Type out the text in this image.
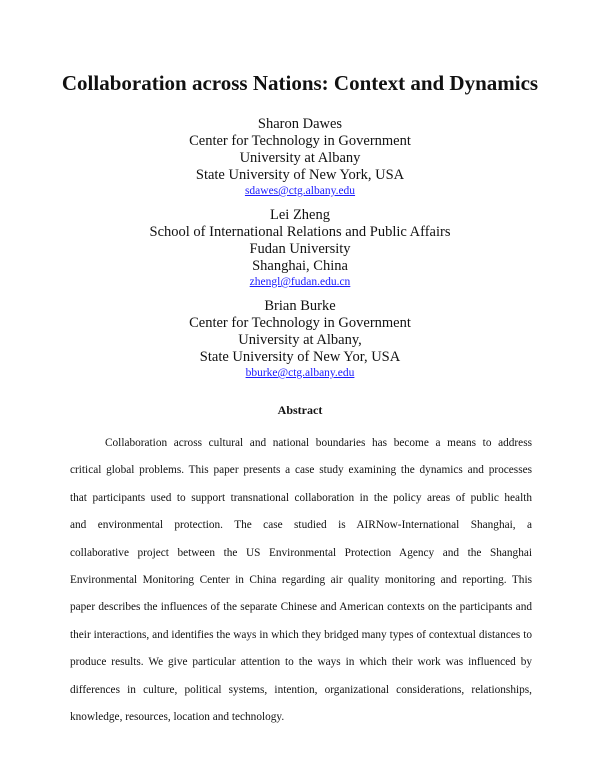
Collaboration across Nations: Context and Dynamics
Sharon Dawes
Center for Technology in Government
University at Albany
State University of New York, USA
sdawes@ctg.albany.edu
Lei Zheng
School of International Relations and Public Affairs
Fudan University
Shanghai, China
zhengl@fudan.edu.cn
Brian Burke
Center for Technology in Government
University at Albany,
State University of New Yor, USA
bburke@ctg.albany.edu
Abstract
Collaboration across cultural and national boundaries has become a means to address
critical global problems. This paper presents a case study examining the dynamics and processes
that participants used to support transnational collaboration in the policy areas of public health
and environmental protection. The case studied is AIRNow-International Shanghai, a
collaborative project between the US Environmental Protection Agency and the Shanghai
Environmental Monitoring Center in China regarding air quality monitoring and reporting. This
paper describes the influences of the separate Chinese and American contexts on the participants and
their interactions, and identifies the ways in which they bridged many types of contextual distances to
produce results. We give particular attention to the ways in which their work was influenced by
differences in culture, political systems, intention, organizational considerations, relationships,
knowledge, resources, location and technology.
